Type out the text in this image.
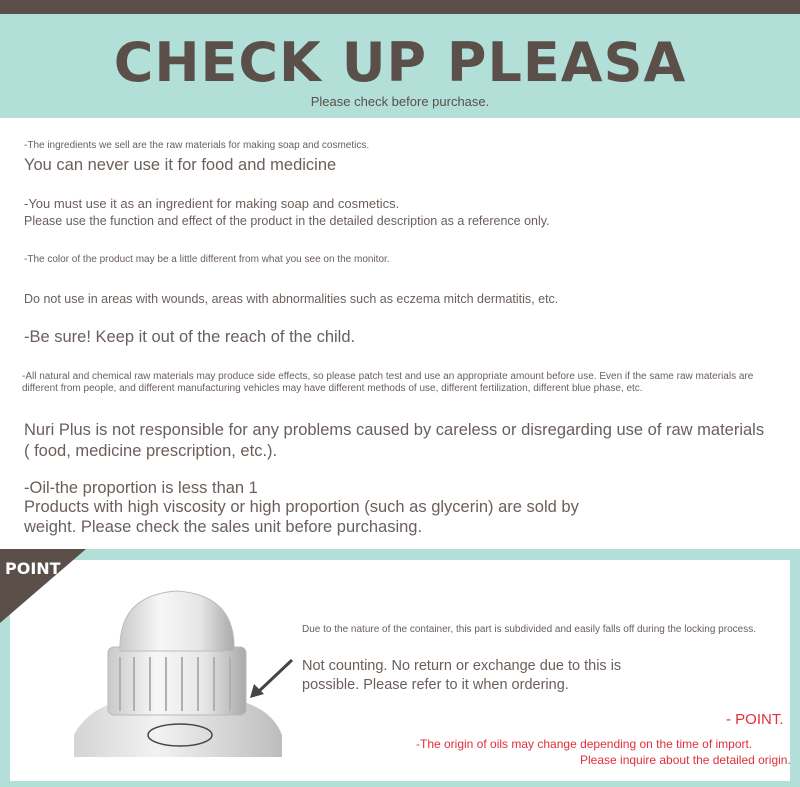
CHECK UP PLEASA
Please check before purchase.

-The ingredients we sell are the raw materials for making soap and cosmetics.

You can never use it for food and medicine

-You must use it as an ingredient for making soap and cosmetics.

Please use the function and effect of the product in the detailed description as a reference only.

-The color of the product may be a little different from what you see on the monitor.

Do not use in areas with wounds, areas with abnormalities such as eczema mitch dermatitis, etc.

-Be sure! Keep it out of the reach of the child.

-All natural and chemical raw materials may produce side effects, so please patch test and use an appropriate amount before use. Even if the same raw materials are different from people, and different manufacturing vehicles may have different methods of use, different fertilization, different blue phase, etc.

Nuri Plus is not responsible for any problems caused by careless or disregarding use of raw materials ( food, medicine prescription, etc.).

-Oil-the proportion is less than 1

Products with high viscosity or high proportion (such as glycerin) are sold by

weight. Please check the sales unit before purchasing.

POINT

Due to the nature of the container, this part is subdivided and easily falls off during the locking process.

Not counting. No return or exchange due to this is

possible. Please refer to it when ordering.

- POINT.

-The origin of oils may change depending on the time of import.

Please inquire about the detailed origin.
